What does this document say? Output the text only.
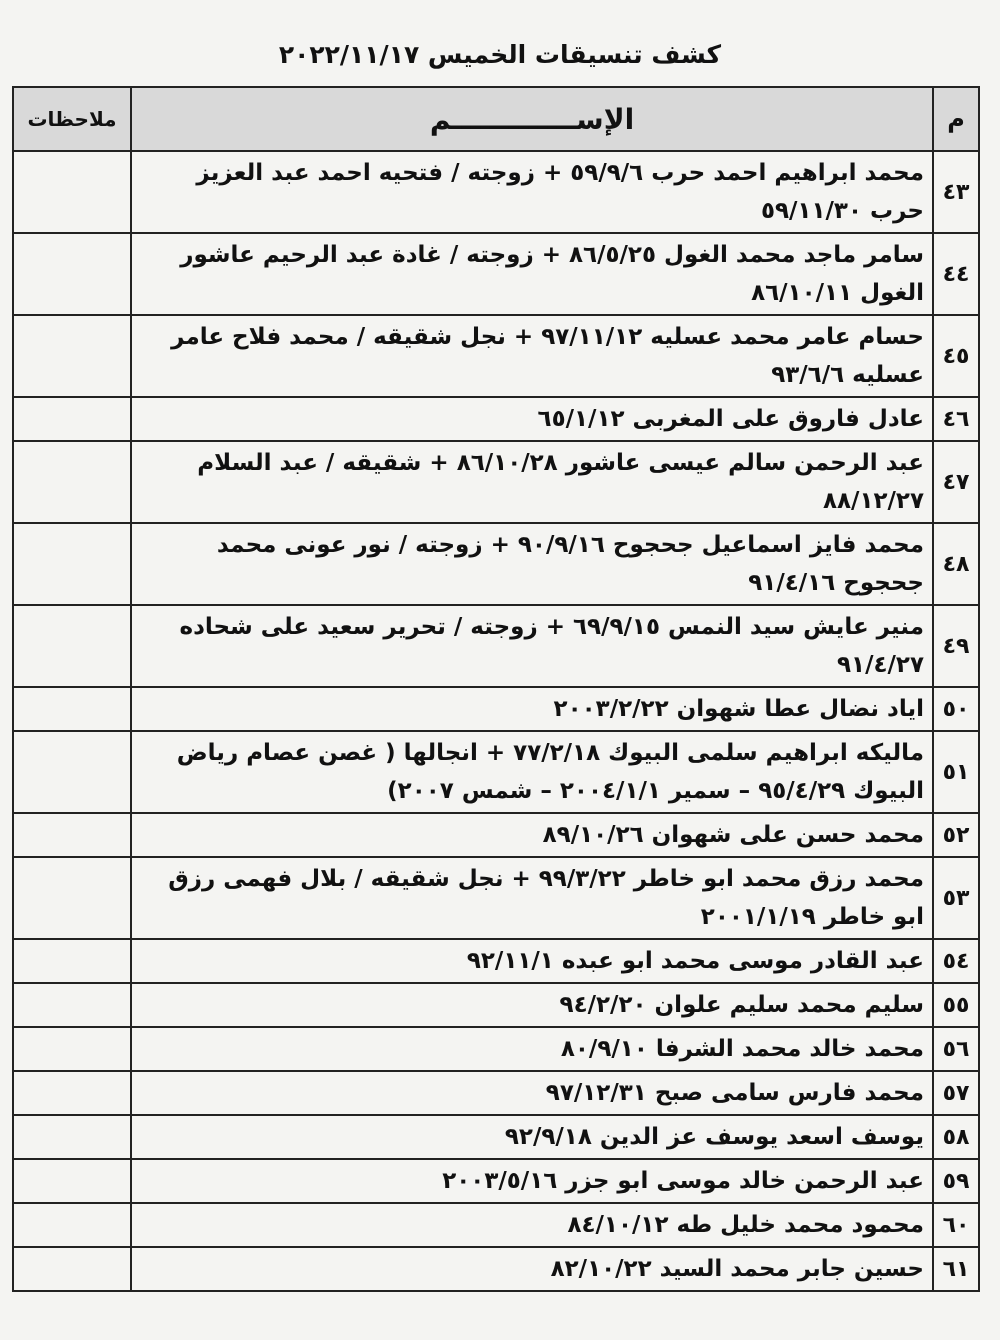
كشف تنسيقات الخميس ٢٠٢٢/١١/١٧
م	الإســـــــــــــم	ملاحظات
٤٣	محمد ابراهيم احمد حرب ٥٩/٩/٦ + زوجته / فتحيه احمد عبد العزيز
حرب ٥٩/١١/٣٠	

٤٤	سامر ماجد محمد الغول ٨٦/٥/٢٥ + زوجته / غادة عبد الرحيم عاشور
الغول ٨٦/١٠/١١	

٤٥	حسام عامر محمد عسليه ٩٧/١١/١٢ + نجل شقيقه / محمد فلاح عامر
عسليه ٩٣/٦/٦	

٤٦	عادل فاروق على المغربى ٦٥/١/١٢	

٤٧	عبد الرحمن سالم عيسى عاشور ٨٦/١٠/٢٨ + شقيقه / عبد السلام
٨٨/١٢/٢٧	

٤٨	محمد فايز اسماعيل جحجوح ٩٠/٩/١٦ + زوجته / نور عونى محمد
جحجوح ٩١/٤/١٦	

٤٩	منير عايش سيد النمس ٦٩/٩/١٥ + زوجته / تحرير سعيد على شحاده
٩١/٤/٢٧	

٥٠	اياد نضال عطا شهوان ٢٠٠٣/٢/٢٢	

٥١	ماليكه ابراهيم سلمى البيوك ٧٧/٢/١٨ + انجالها ( غصن عصام رياض
البيوك ٩٥/٤/٢٩ – سمير ٢٠٠٤/١/١ – شمس ٢٠٠٧)	

٥٢	محمد حسن على شهوان ٨٩/١٠/٢٦	

٥٣	محمد رزق محمد ابو خاطر ٩٩/٣/٢٢ + نجل شقيقه / بلال فهمى رزق
ابو خاطر ٢٠٠١/١/١٩	

٥٤	عبد القادر موسى محمد ابو عبده ٩٢/١١/١	

٥٥	سليم محمد سليم علوان ٩٤/٢/٢٠	

٥٦	محمد خالد محمد الشرفا ٨٠/٩/١٠	

٥٧	محمد فارس سامى صبح ٩٧/١٢/٣١	

٥٨	يوسف اسعد يوسف عز الدين ٩٢/٩/١٨	

٥٩	عبد الرحمن خالد موسى ابو جزر ٢٠٠٣/٥/١٦	

٦٠	محمود محمد خليل طه ٨٤/١٠/١٢	

٦١	حسين جابر محمد السيد ٨٢/١٠/٢٢	
